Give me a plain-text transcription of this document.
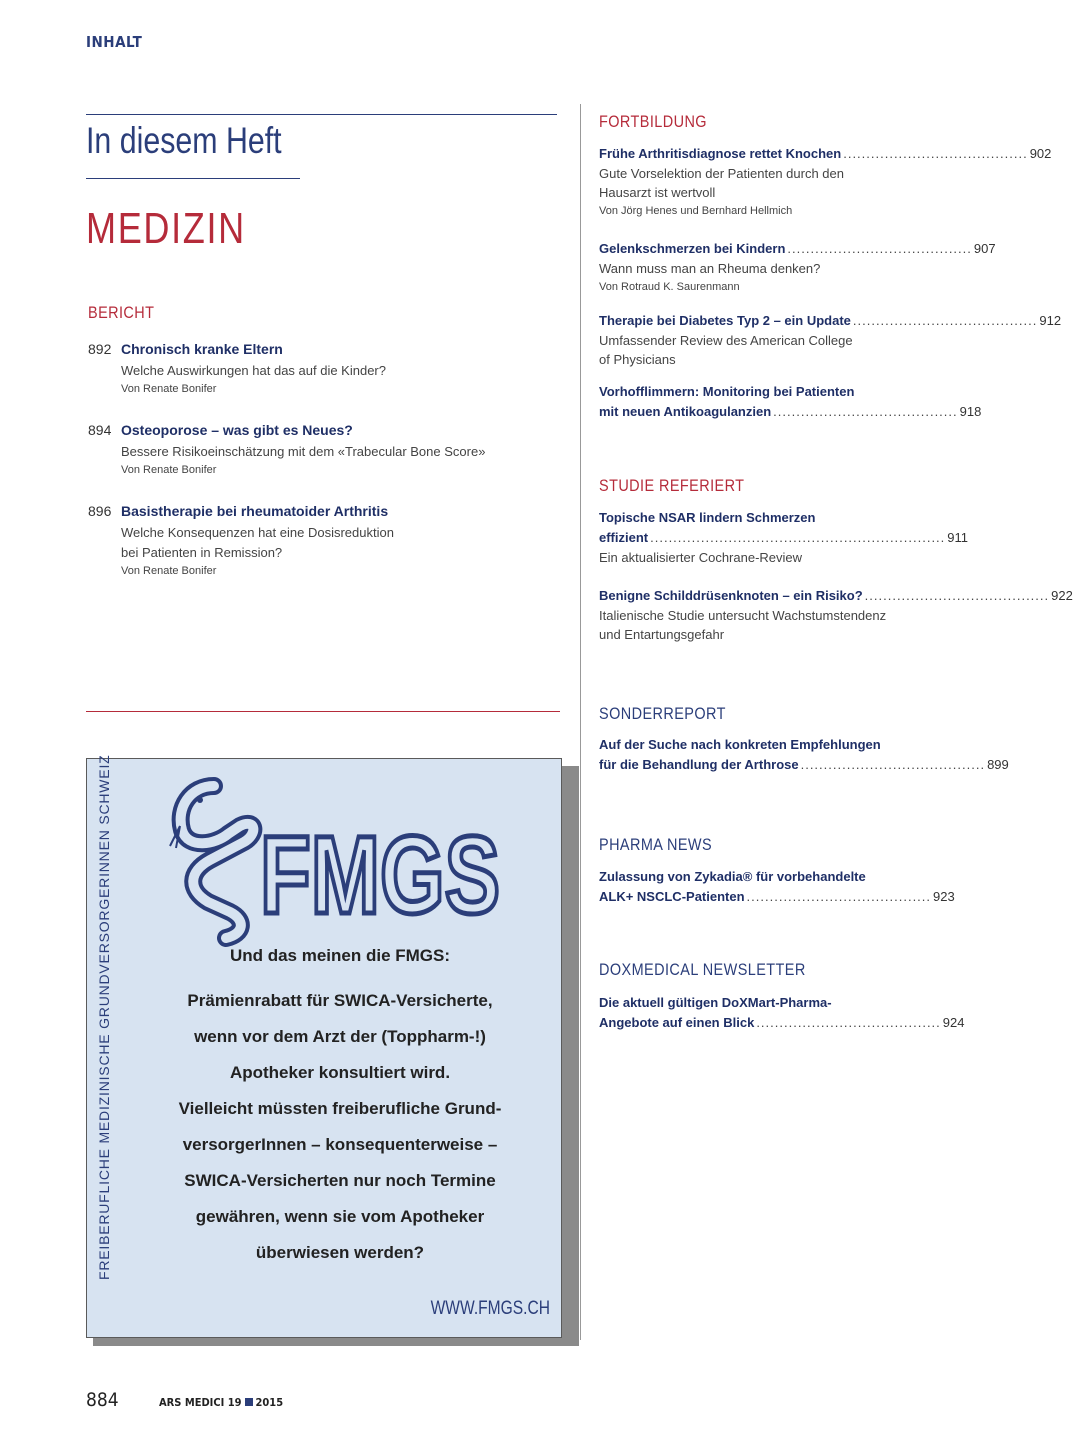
INHALT
In diesem Heft
MEDIZIN
BERICHT
892 Chronisch kranke Eltern
Welche Auswirkungen hat das auf die Kinder?
Von Renate Bonifer
894 Osteoporose – was gibt es Neues?
Bessere Risikoeinschätzung mit dem «Trabecular Bone Score»
Von Renate Bonifer
896 Basistherapie bei rheumatoider Arthritis
Welche Konsequenzen hat eine Dosisreduktion
bei Patienten in Remission?
Von Renate Bonifer
FORTBILDUNG
Frühe Arthritisdiagnose rettet Knochen ........................................ 902
Gute Vorselektion der Patienten durch den
Hausarzt ist wertvoll
Von Jörg Henes und Bernhard Hellmich
Gelenkschmerzen bei Kindern ........................................ 907
Wann muss man an Rheuma denken?
Von Rotraud K. Saurenmann
Therapie bei Diabetes Typ 2 – ein Update ........................................ 912
Umfassender Review des American College
of Physicians
Vorhofflimmern: Monitoring bei Patienten
mit neuen Antikoagulanzien ........................................ 918
STUDIE REFERIERT
Topische NSAR lindern Schmerzen
effizient ................................................................ 911
Ein aktualisierter Cochrane-Review
Benigne Schilddrüsenknoten – ein Risiko? ........................................ 922
Italienische Studie untersucht Wachstumstendenz
und Entartungsgefahr
SONDERREPORT
Auf der Suche nach konkreten Empfehlungen
für die Behandlung der Arthrose ........................................ 899
PHARMA NEWS
Zulassung von Zykadia® für vorbehandelte
ALK+ NSCLC-Patienten ........................................ 923
DOXMEDICAL NEWSLETTER
Die aktuell gültigen DoXMart-Pharma-
Angebote auf einen Blick ........................................ 924
FREIBERUFLICHE MEDIZINISCHE GRUNDVERSORGERINNEN SCHWEIZ FMGS
Und das meinen die FMGS:
Prämienrabatt für SWICA-Versicherte,
wenn vor dem Arzt der (Toppharm-!)
Apotheker konsultiert wird.
Vielleicht müssten freiberufliche Grund-
versorgerInnen – konsequenterweise –
SWICA-Versicherten nur noch Termine
gewähren, wenn sie vom Apotheker
überwiesen werden?
WWW.FMGS.CH
884	ARS MEDICI 19 2015
